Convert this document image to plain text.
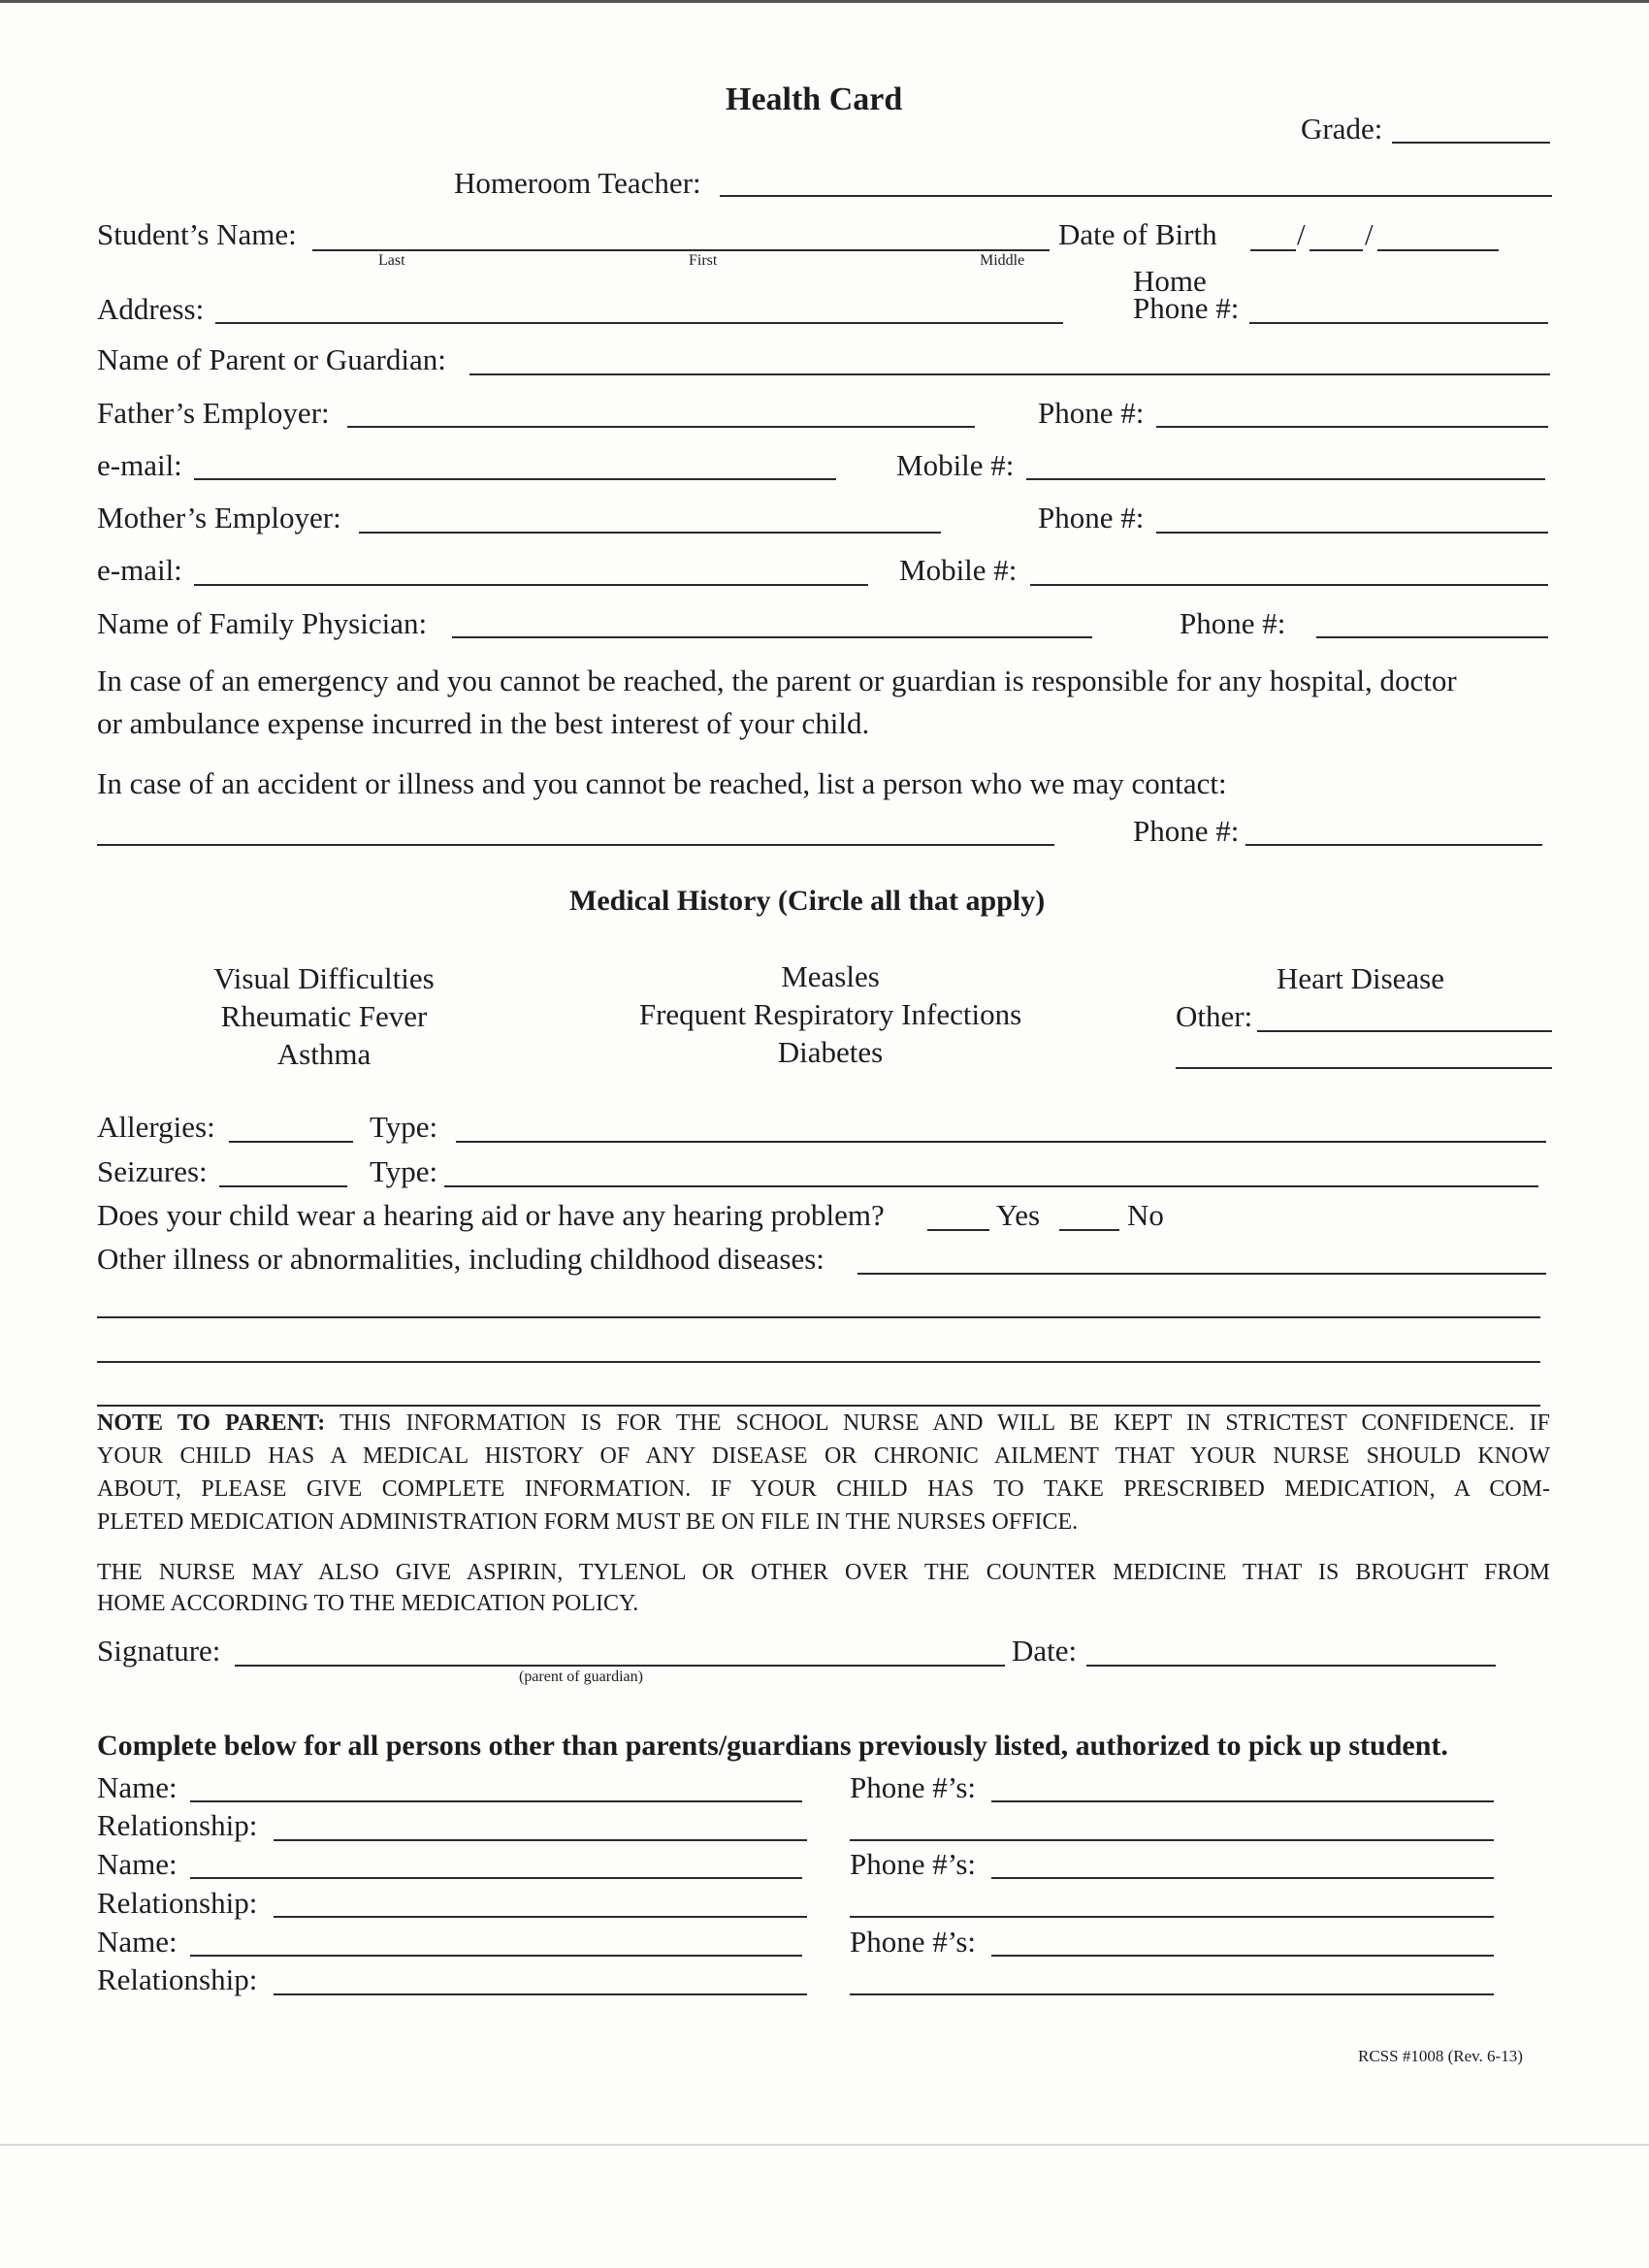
Health Card
Grade:
Homeroom Teacher:
Student’s Name:
Last	First	Middle
Date of Birth	/ /
Address:
Home
Phone #:
Name of Parent or Guardian:
Father’s Employer:	Phone #:
e-mail:	Mobile #:
Mother’s Employer:	Phone #:
e-mail:	Mobile #:
Name of Family Physician:	Phone #:
In case of an emergency and you cannot be reached, the parent or guardian is responsible for any hospital, doctor
or ambulance expense incurred in the best interest of your child.
In case of an accident or illness and you cannot be reached, list a person who we may contact:
Phone #:
Medical History (Circle all that apply)
Visual Difficulties
Rheumatic Fever
Asthma
Measles
Frequent Respiratory Infections
Diabetes
Heart Disease
Other:
Allergies:	Type:
Seizures:	Type:
Does your child wear a hearing aid or have any hearing problem?	Yes	No
Other illness or abnormalities, including childhood diseases:
NOTE TO PARENT: THIS INFORMATION IS FOR THE SCHOOL NURSE AND WILL BE KEPT IN STRICTEST CONFIDENCE. IF
YOUR CHILD HAS A MEDICAL HISTORY OF ANY DISEASE OR CHRONIC AILMENT THAT YOUR NURSE SHOULD KNOW
ABOUT, PLEASE GIVE COMPLETE INFORMATION. IF YOUR CHILD HAS TO TAKE PRESCRIBED MEDICATION, A COM-
PLETED MEDICATION ADMINISTRATION FORM MUST BE ON FILE IN THE NURSES OFFICE.
THE NURSE MAY ALSO GIVE ASPIRIN, TYLENOL OR OTHER OVER THE COUNTER MEDICINE THAT IS BROUGHT FROM
HOME ACCORDING TO THE MEDICATION POLICY.
Signature:
(parent of guardian)
Date:
Complete below for all persons other than parents/guardians previously listed, authorized to pick up student.
Name:	Phone #’s:
Relationship:
Name:	Phone #’s:
Relationship:
Name:	Phone #’s:
Relationship:
RCSS #1008 (Rev. 6-13)
